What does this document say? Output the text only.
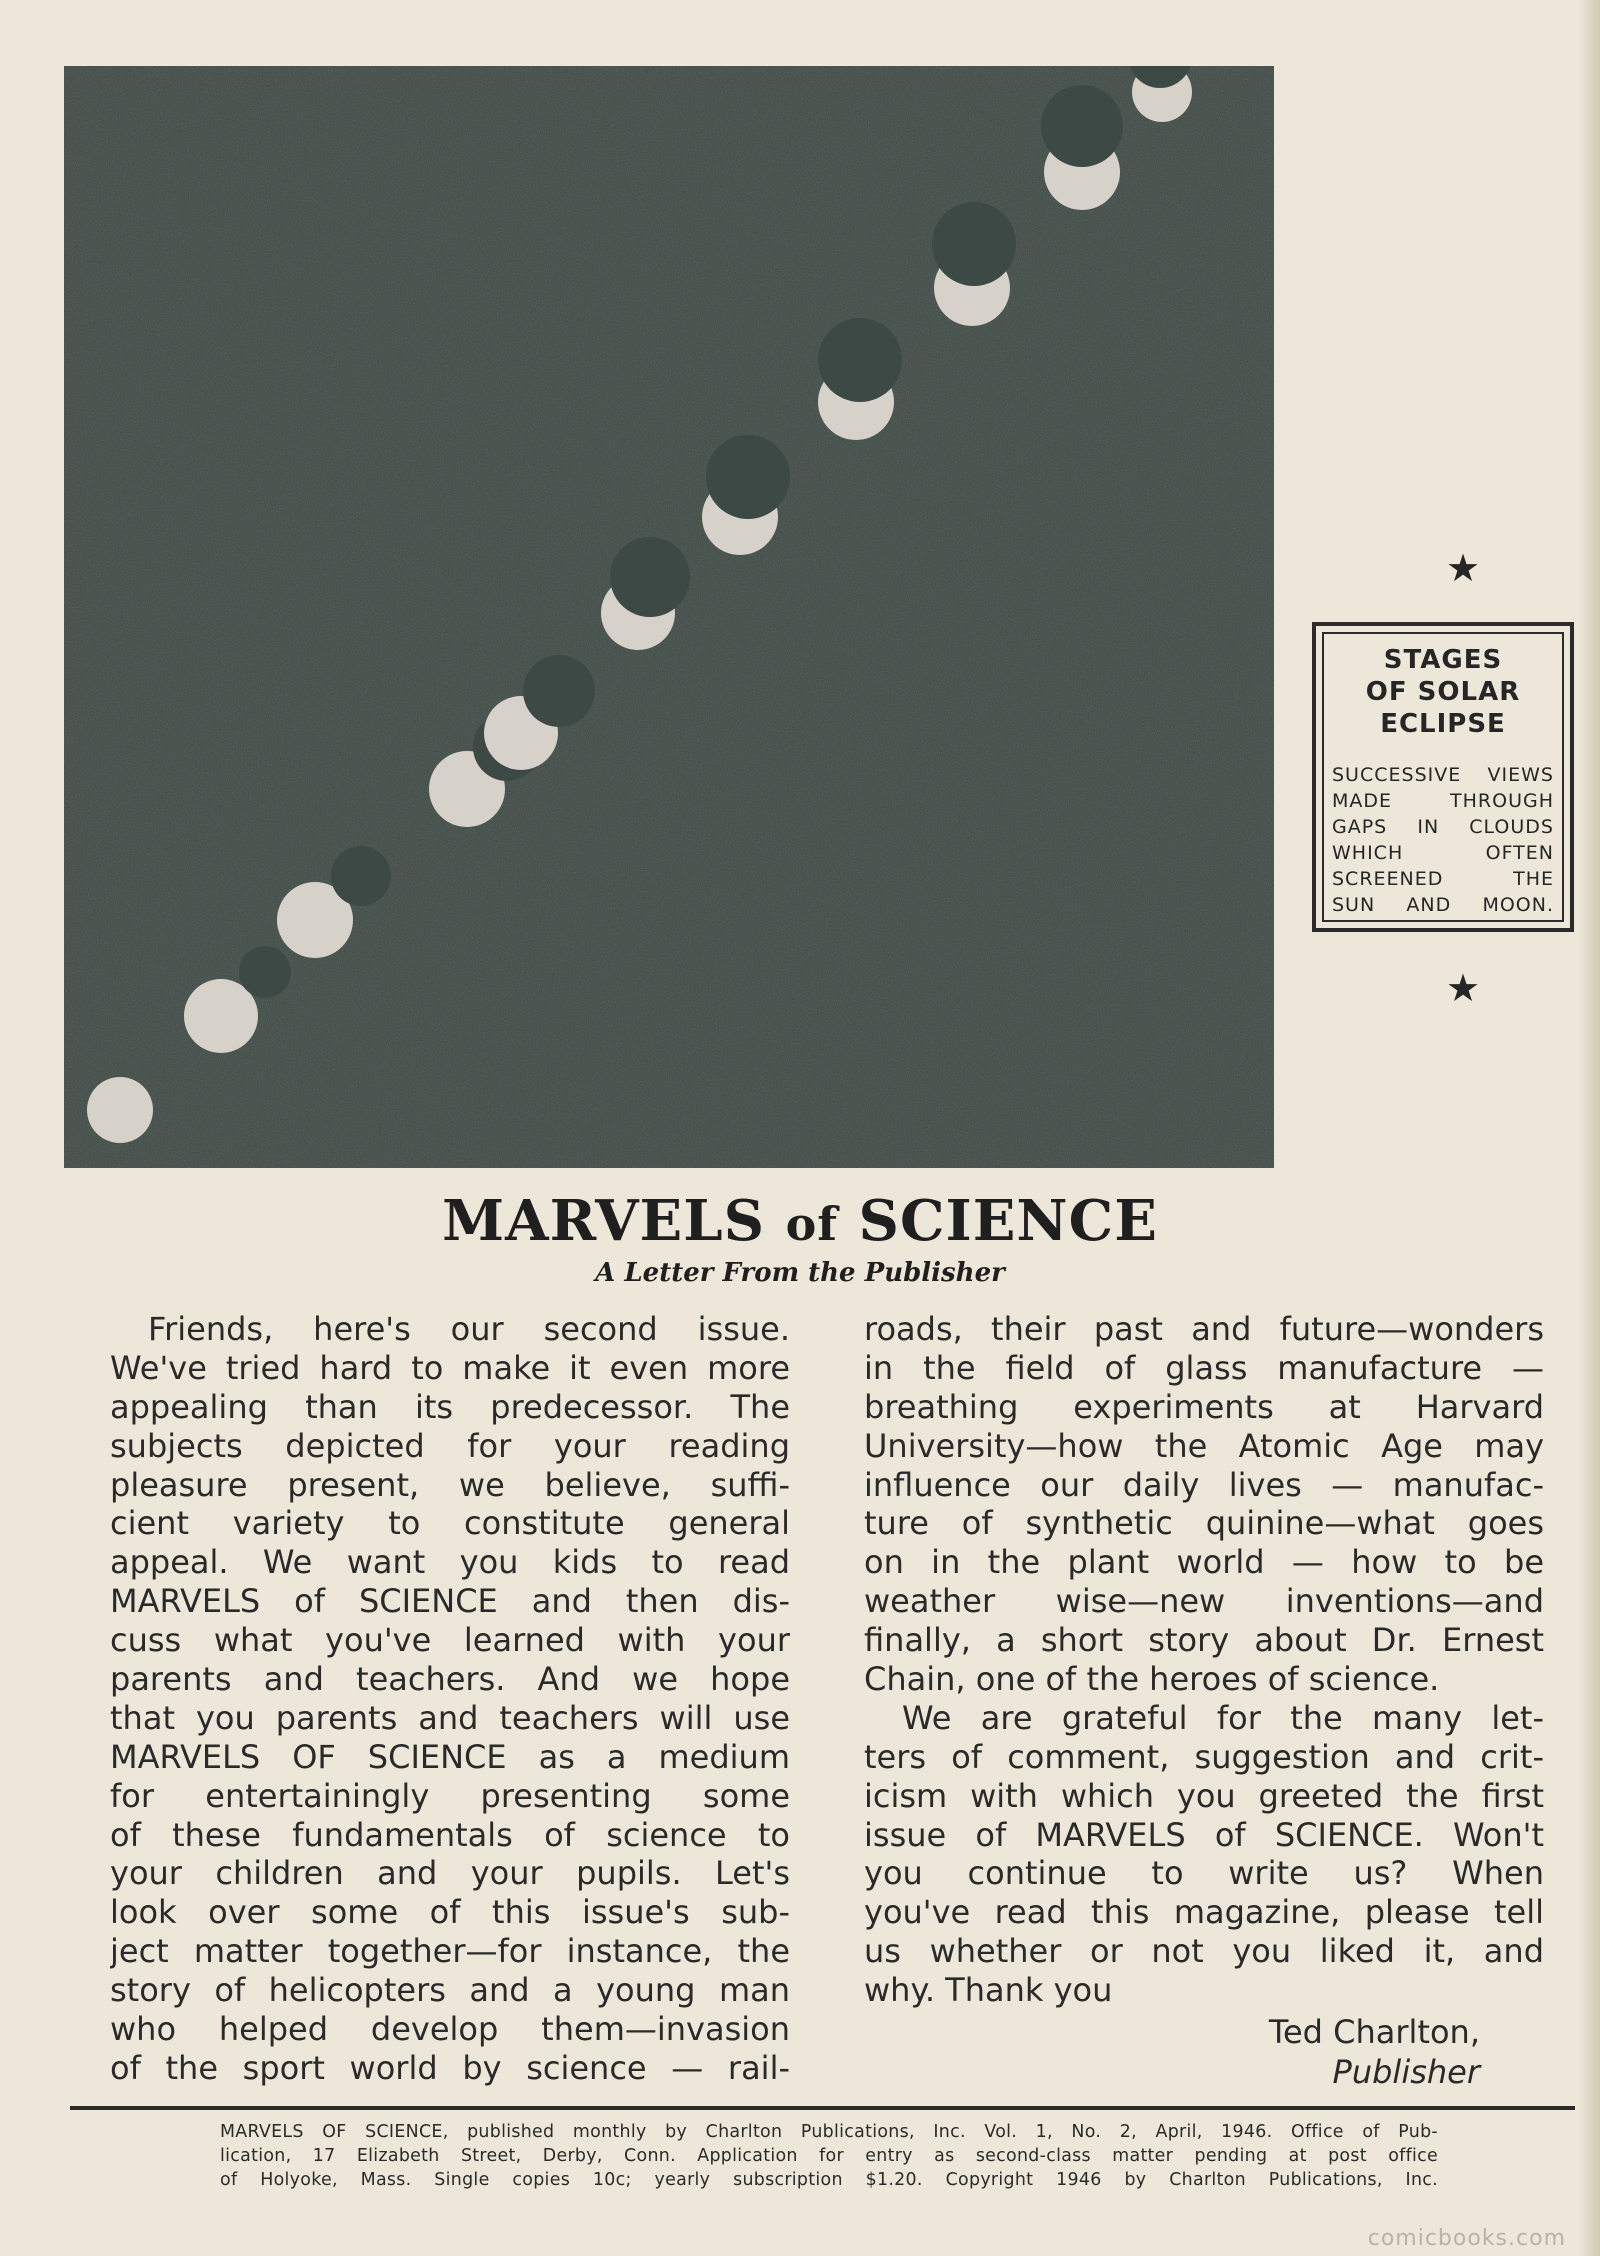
★
STAGES
OF SOLAR
ECLIPSE
SUCCESSIVE VIEWS
MADE THROUGH
GAPS IN CLOUDS
WHICH OFTEN
SCREENED THE
SUN AND MOON.
★
MARVELS of SCIENCE
A Letter From the Publisher
Friends, here's our second issue.
We've tried hard to make it even more
appealing than its predecessor. The
subjects depicted for your reading
pleasure present, we believe, suffi-
cient variety to constitute general
appeal. We want you kids to read
MARVELS of SCIENCE and then dis-
cuss what you've learned with your
parents and teachers. And we hope
that you parents and teachers will use
MARVELS OF SCIENCE as a medium
for entertainingly presenting some
of these fundamentals of science to
your children and your pupils. Let's
look over some of this issue's sub-
ject matter together—for instance, the
story of helicopters and a young man
who helped develop them—invasion
of the sport world by science — rail-
roads, their past and future—wonders
in the field of glass manufacture —
breathing experiments at Harvard
University—how the Atomic Age may
influence our daily lives — manufac-
ture of synthetic quinine—what goes
on in the plant world — how to be
weather wise—new inventions—and
finally, a short story about Dr. Ernest
Chain, one of the heroes of science.
We are grateful for the many let-
ters of comment, suggestion and crit-
icism with which you greeted the first
issue of MARVELS of SCIENCE. Won't
you continue to write us? When
you've read this magazine, please tell
us whether or not you liked it, and
why. Thank you
Ted Charlton,
Publisher
MARVELS OF SCIENCE, published monthly by Charlton Publications, Inc. Vol. 1, No. 2, April, 1946. Office of Pub-
lication, 17 Elizabeth Street, Derby, Conn. Application for entry as second-class matter pending at post office
of Holyoke, Mass. Single copies 10c; yearly subscription $1.20. Copyright 1946 by Charlton Publications, Inc.
comicbooks.com
